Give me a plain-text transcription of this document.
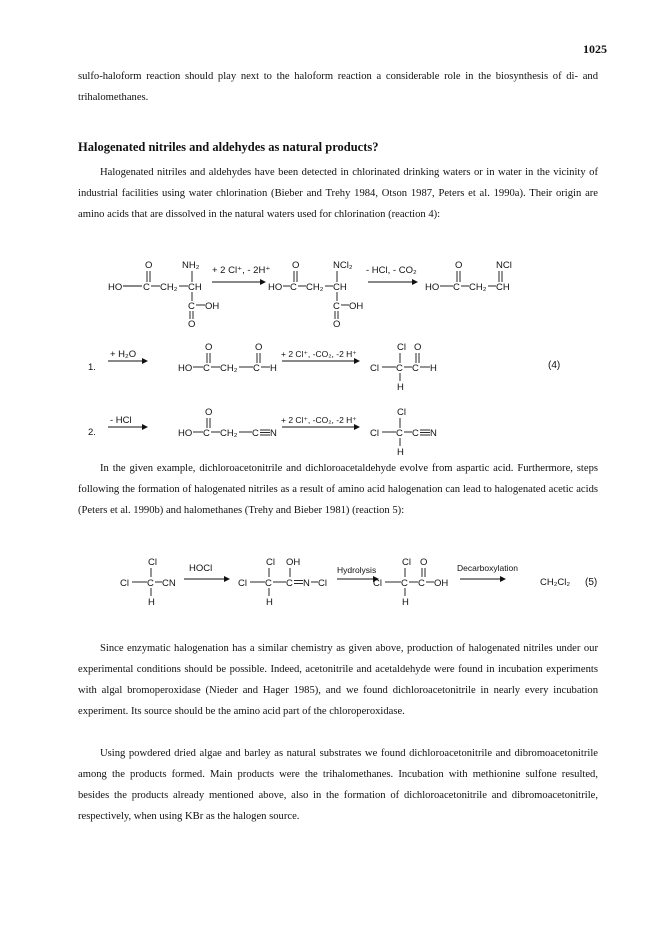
1025
sulfo-haloform reaction should play next to the haloform reaction a considerable role in the biosynthesis of di- and trihalomethanes.
Halogenated nitriles and aldehydes as natural products?
Halogenated nitriles and aldehydes have been detected in chlorinated drinking waters or in water in the vicinity of industrial facilities using water chlorination (Bieber and Trehy 1984, Otson 1987, Peters et al. 1990a). Their origin are amino acids that are dissolved in the natural waters used for chlorination (reaction 4):
O
HO C CH₂ CH
NH₂
C OH
O
+ 2 Cl⁺, - 2H⁺ O
HO C CH₂ CH
NCl₂
C OH
O
- HCl, - CO₂	O
HO C CH₂ CH
NCl
1.
+ H₂O
O	O
HO C CH₂ C H
+ 2 Cl⁺, -CO₂, -2 H⁺
Cl O
Cl C C H
H
(4)
2.
- HCl
O
HO C CH₂ C N
+ 2 Cl⁺, -CO₂, -2 H⁺
Cl
Cl C C N
H
In the given example, dichloroacetonitrile and dichloroacetaldehyde evolve from aspartic acid. Furthermore, steps following the formation of halogenated nitriles as a result of amino acid halogenation can lead to halogenated acetic acids (Peters et al. 1990b) and halomethanes (Trehy and Bieber 1981) (reaction 5):
Cl
Cl C CN
H
HOCl
Cl OH
Cl C C N Cl
H
Hydrolysis
Cl O
Cl C C OH
H
Decarboxylation
CH₂Cl₂ (5)
Since enzymatic halogenation has a similar chemistry as given above, production of halogenated nitriles under our experimental conditions should be possible. Indeed, acetonitrile and acetaldehyde were found in incubation experiments with algal bromoperoxidase (Nieder and Hager 1985), and we found dichloroacetonitrile in nearly every incubation experiment. Its source should be the amino acid part of the chloroperoxidase.
Using powdered dried algae and barley as natural substrates we found dichloroacetonitrile and dibromoacetonitrile among the products formed. Main products were the trihalomethanes. Incubation with methionine sulfone resulted, besides the products already mentioned above, also in the formation of dichloroacetonitrile and dibromoacetonitrile, respectively, when using KBr as the halogen source.
